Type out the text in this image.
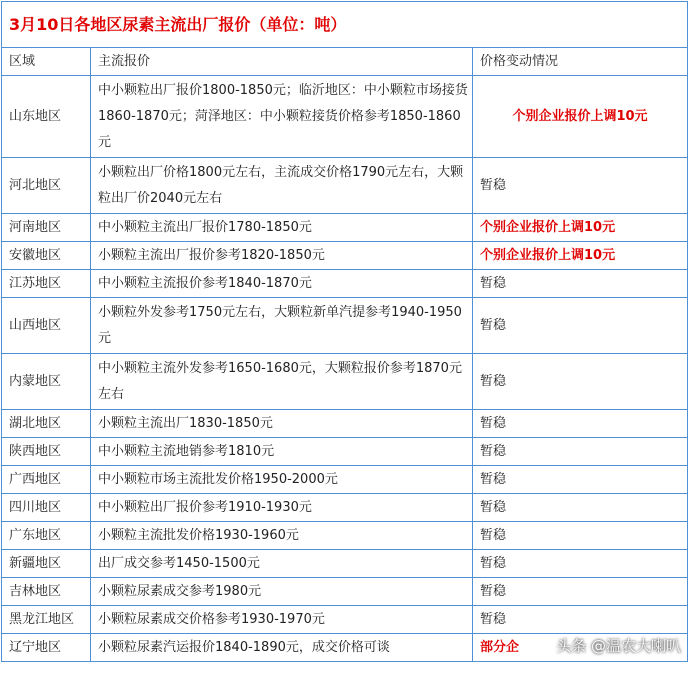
3月10日各地区尿素主流出厂报价（单位：吨）		
区域	主流报价	价格变动情况
山东地区	中小颗粒出厂报价1800-1850元；临沂地区：中小颗粒市场接货1860-1870元；菏泽地区：中小颗粒接货价格参考1850-1860元	个别企业报价上调10元
河北地区	小颗粒出厂价格1800元左右，主流成交价格1790元左右，大颗粒出厂价2040元左右	暂稳
河南地区	中小颗粒主流出厂报价1780-1850元	个别企业报价上调10元
安徽地区	小颗粒主流出厂报价参考1820-1850元	个别企业报价上调10元
江苏地区	中小颗粒主流报价参考1840-1870元	暂稳
山西地区	小颗粒外发参考1750元左右，大颗粒新单汽提参考1940-1950元	暂稳
内蒙地区	中小颗粒主流外发参考1650-1680元，大颗粒报价参考1870元左右	暂稳
湖北地区	小颗粒主流出厂1830-1850元	暂稳
陕西地区	中小颗粒主流地销参考1810元	暂稳
广西地区	中小颗粒市场主流批发价格1950-2000元	暂稳
四川地区	中小颗粒出厂报价参考1910-1930元	暂稳
广东地区	小颗粒主流批发价格1930-1960元	暂稳
新疆地区	出厂成交参考1450-1500元	暂稳
吉林地区	小颗粒尿素成交参考1980元	暂稳
黑龙江地区	小颗粒尿素成交价格参考1930-1970元	暂稳
辽宁地区	小颗粒尿素汽运报价1840-1890元，成交价格可谈	部分企 头条 @温农大喇叭
